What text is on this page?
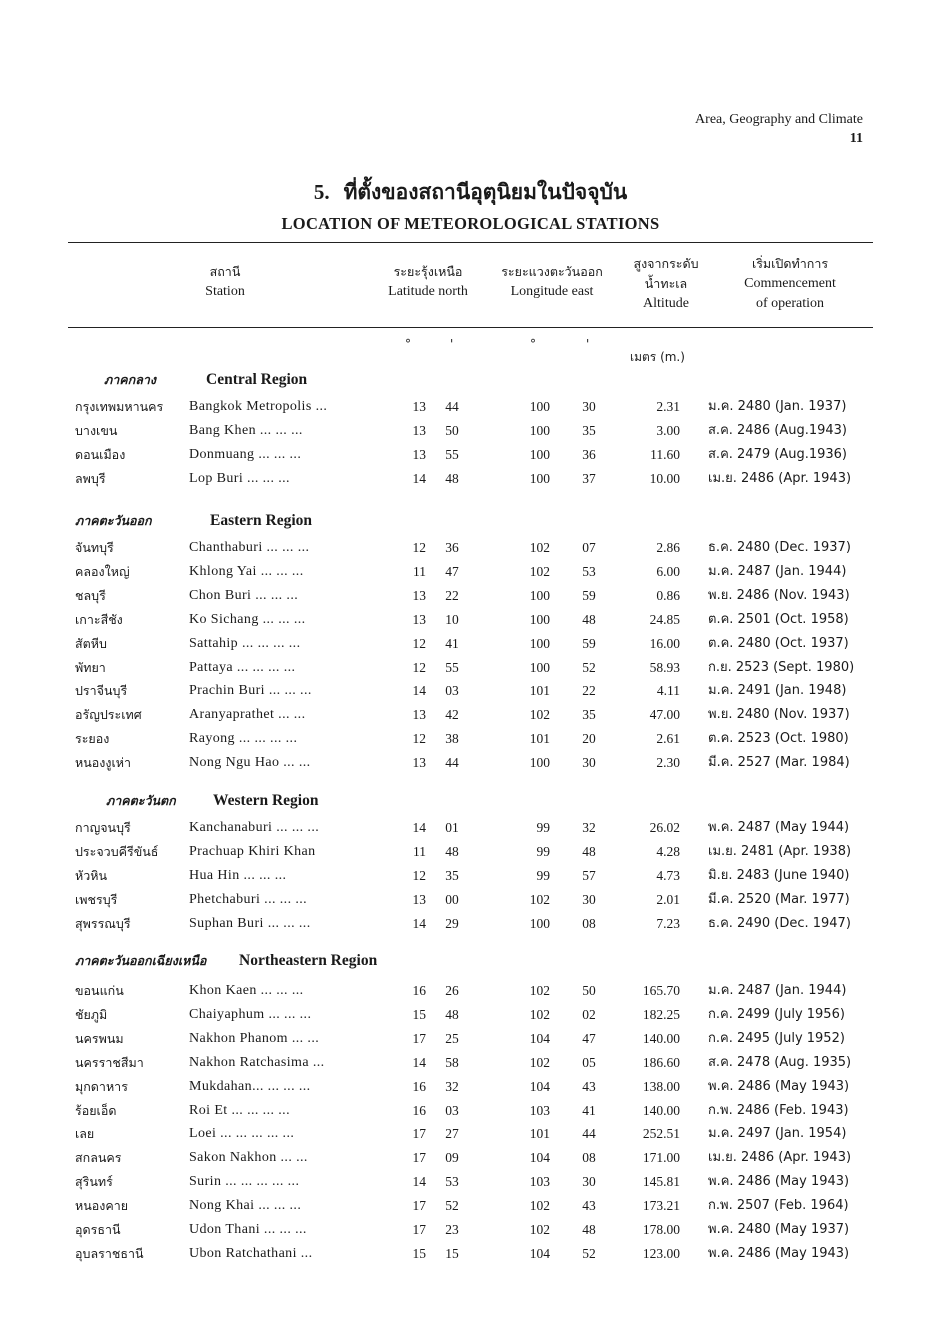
Area, Geography and Climate
11
5. ที่ตั้งของสถานีอุตุนิยมในปัจจุบัน
LOCATION OF METEOROLOGICAL STATIONS
สถานี
Station
ระยะรุ้งเหนือ
Latitude north
ระยะแวงตะวันออก
Longitude east
สูงจากระดับ
น้ำทะเล
Altitude
เริ่มเปิดทำการ
Commencement
of operation
°	'	°	'
เมตร (m.)
ภาคกลาง	Central Region
กรุงเทพมหานคร Bangkok Metropolis ...	13	44	100	30	2.31 ม.ค. 2480 (Jan. 1937)
บางเขน	Bang Khen ... ... ...	13	50	100	35	3.00 ส.ค. 2486 (Aug.1943)
ดอนเมือง	Donmuang ... ... ...	13	55	100	36	11.60 ส.ค. 2479 (Aug.1936)
ลพบุรี	Lop Buri ... ... ...	14	48	100	37	10.00 เม.ย. 2486 (Apr. 1943)
ภาคตะวันออก	Eastern Region
จันทบุรี	Chanthaburi ... ... ...	12	36	102	07	2.86 ธ.ค. 2480 (Dec. 1937)
คลองใหญ่	Khlong Yai ... ... ...	11	47	102	53	6.00 ม.ค. 2487 (Jan. 1944)
ชลบุรี	Chon Buri ... ... ...	13	22	100	59	0.86 พ.ย. 2486 (Nov. 1943)
เกาะสีชัง	Ko Sichang ... ... ...	13	10	100	48	24.85 ต.ค. 2501 (Oct. 1958)
สัตหีบ	Sattahip ... ... ... ...	12	41	100	59	16.00 ต.ค. 2480 (Oct. 1937)
พัทยา	Pattaya ... ... ... ...	12	55	100	52	58.93 ก.ย. 2523 (Sept. 1980)
ปราจีนบุรี	Prachin Buri ... ... ...	14	03	101	22	4.11 ม.ค. 2491 (Jan. 1948)
อรัญประเทศ	Aranyaprathet ... ...	13	42	102	35	47.00 พ.ย. 2480 (Nov. 1937)
ระยอง	Rayong ... ... ... ...	12	38	101	20	2.61 ต.ค. 2523 (Oct. 1980)
หนองงูเห่า	Nong Ngu Hao ... ...	13	44	100	30	2.30 มี.ค. 2527 (Mar. 1984)
ภาคตะวันตก Western Region
กาญจนบุรี	Kanchanaburi ... ... ...	14	01	99	32	26.02 พ.ค. 2487 (May 1944)
ประจวบคีรีขันธ์ Prachuap Khiri Khan	11	48	99	48	4.28 เม.ย. 2481 (Apr. 1938)
หัวหิน	Hua Hin ... ... ...	12	35	99	57	4.73 มิ.ย. 2483 (June 1940)
เพชรบุรี	Phetchaburi ... ... ...	13	00	102	30	2.01 มี.ค. 2520 (Mar. 1977)
สุพรรณบุรี	Suphan Buri ... ... ...	14	29	100	08	7.23 ธ.ค. 2490 (Dec. 1947)
ภาคตะวันออกเฉียงเหนือ Northeastern Region
ขอนแก่น	Khon Kaen ... ... ...	16	26	102	50	165.70 ม.ค. 2487 (Jan. 1944)
ชัยภูมิ	Chaiyaphum ... ... ...	15	48	102	02	182.25 ก.ค. 2499 (July 1956)
นครพนม	Nakhon Phanom ... ...	17	25	104	47	140.00 ก.ค. 2495 (July 1952)
นครราชสีมา	Nakhon Ratchasima ...	14	58	102	05	186.60 ส.ค. 2478 (Aug. 1935)
มุกดาหาร	Mukdahan... ... ... ...	16	32	104	43	138.00 พ.ค. 2486 (May 1943)
ร้อยเอ็ด	Roi Et ... ... ... ...	16	03	103	41	140.00 ก.พ. 2486 (Feb. 1943)
เลย	Loei ... ... ... ... ...	17	27	101	44	252.51 ม.ค. 2497 (Jan. 1954)
สกลนคร	Sakon Nakhon ... ...	17	09	104	08	171.00 เม.ย. 2486 (Apr. 1943)
สุรินทร์	Surin ... ... ... ... ...	14	53	103	30	145.81 พ.ค. 2486 (May 1943)
หนองคาย	Nong Khai ... ... ...	17	52	102	43	173.21 ก.พ. 2507 (Feb. 1964)
อุดรธานี	Udon Thani ... ... ...	17	23	102	48	178.00 พ.ค. 2480 (May 1937)
อุบลราชธานี	Ubon Ratchathani ...	15	15	104	52	123.00 พ.ค. 2486 (May 1943)
